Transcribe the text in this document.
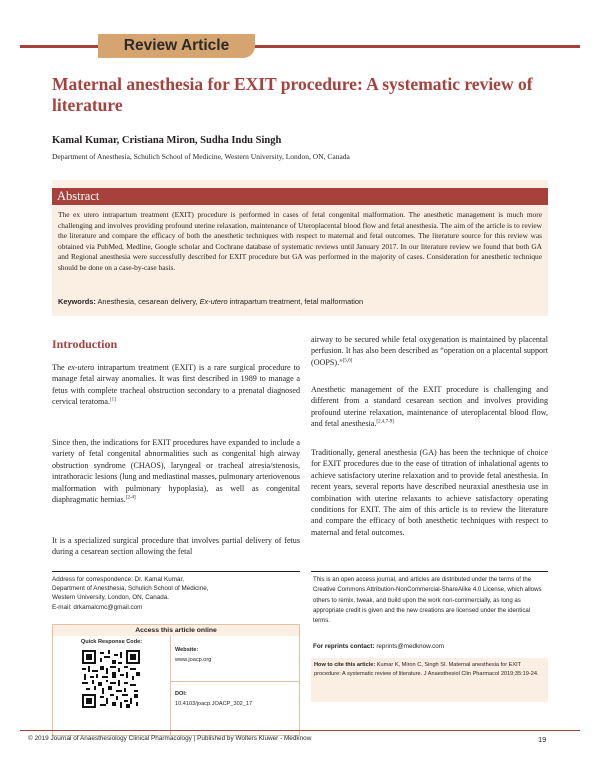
Review Article
Maternal anesthesia for EXIT procedure: A systematic review of literature
Kamal Kumar, Cristiana Miron, Sudha Indu Singh
Department of Anesthesia, Schulich School of Medicine, Western University, London, ON, Canada
Abstract
The ex utero intrapartum treatment (EXIT) procedure is performed in cases of fetal congenital malformation. The anesthetic management is much more challenging and involves providing profound uterine relaxation, maintenance of Uteroplacental blood flow and fetal anesthesia. The aim of the article is to review the literature and compare the efficacy of both the anesthetic techniques with respect to maternal and fetal outcomes. The literature source for this review was obtained via PubMed, Medline, Google scholar and Cochrane database of systematic reviews until January 2017. In our literature review we found that both GA and Regional anesthesia were successfully described for EXIT procedure but GA was performed in the majority of cases. Consideration for anesthetic technique should be done on a case-by-case basis.
Keywords: Anesthesia, cesarean delivery, Ex-utero intrapartum treatment, fetal malformation
Introduction
The ex-utero intrapartum treatment (EXIT) is a rare surgical procedure to manage fetal airway anomalies. It was first described in 1989 to manage a fetus with complete tracheal obstruction secondary to a prenatal diagnosed cervical teratoma.[1]
Since then, the indications for EXIT procedures have expanded to include a variety of fetal congenital abnormalities such as congenital high airway obstruction syndrome (CHAOS), laryngeal or tracheal atresia/stenosis, intrathoracic lesions (lung and mediastinal masses, pulmonary arteriovenous malformation with pulmonary hypoplasia), as well as congenital diaphragmatic hernias.[2-4]
It is a specialized surgical procedure that involves partial delivery of fetus during a cesarean section allowing the fetal
airway to be secured while fetal oxygenation is maintained by placental perfusion. It has also been described as “operation on a placental support (OOPS).”[5,6]
Anesthetic management of the EXIT procedure is challenging and different from a standard cesarean section and involves providing profound uterine relaxation, maintenance of uteroplacental blood flow, and fetal anesthesia.[2,4,7-9]
Traditionally, general anesthesia (GA) has been the technique of choice for EXIT procedures due to the ease of titration of inhalational agents to achieve satisfactory uterine relaxation and to provide fetal anesthesia. In recent years, several reports have described neuraxial anesthesia use in combination with uterine relaxants to achieve satisfactory operating conditions for EXIT. The aim of this article is to review the literature and compare the efficacy of both anesthetic techniques with respect to maternal and fetal outcomes.
Address for correspondence: Dr. Kamal Kumar,
Department of Anesthesia, Schulich School of Medicine,
Western University, London, ON, Canada.
E-mail: drkamalcmc@gmail.com
Access this article online
Quick Response Code:
Website:
www.joacp.org
DOI:
10.4103/joacp.JOACP_302_17
This is an open access journal, and articles are distributed under the terms of the Creative Commons Attribution-NonCommercial-ShareAlike 4.0 License, which allows others to remix, tweak, and build upon the work non-commercially, as long as appropriate credit is given and the new creations are licensed under the identical terms.
For reprints contact: reprints@medknow.com
How to cite this article: Kumar K, Miron C, Singh SI. Maternal anesthesia for EXIT procedure: A systematic review of literature. J Anaesthesiol Clin Pharmacol 2019;35:19-24.
© 2019 Journal of Anaesthesiology Clinical Pharmacology | Published by Wolters Kluwer - Medknow	19
